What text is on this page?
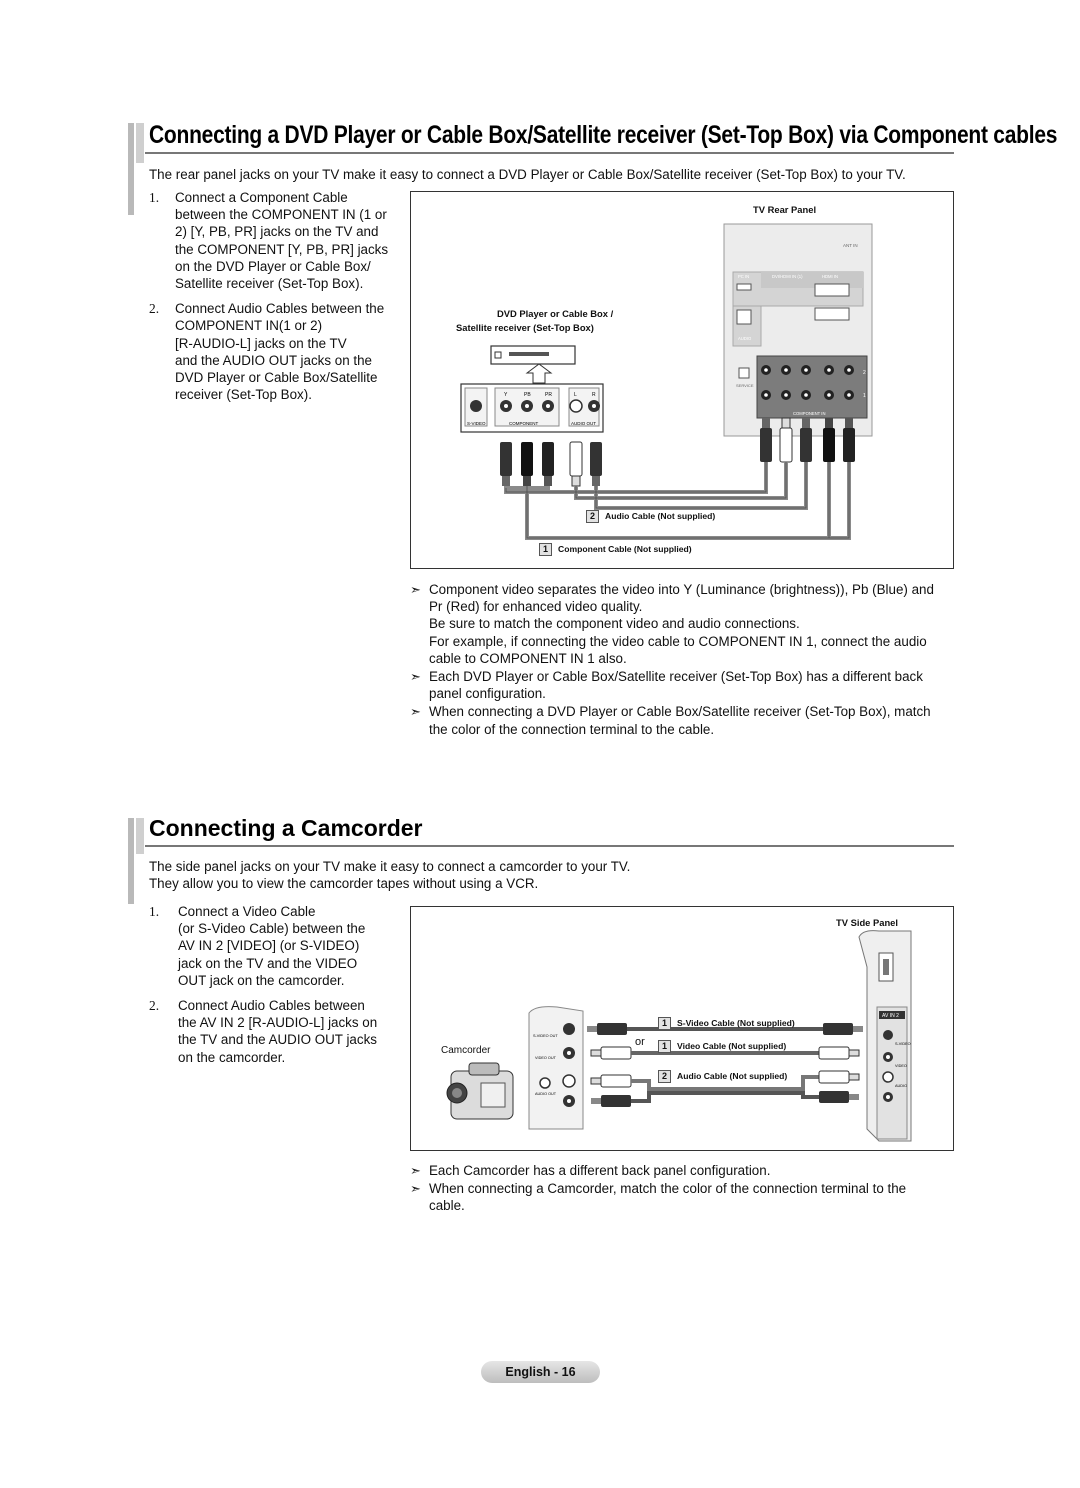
Connecting a DVD Player or Cable Box/Satellite receiver (Set-Top Box) via Component cables
The rear panel jacks on your TV make it easy to connect a DVD Player or Cable Box/Satellite receiver (Set-Top Box) to your TV.
1. Connect a Component Cable
between the COMPONENT IN (1 or
2) [Y, PB, PR] jacks on the TV and
the COMPONENT [Y, PB, PR] jacks
on the DVD Player or Cable Box/
Satellite receiver (Set-Top Box).
2. Connect Audio Cables between the
COMPONENT IN(1 or 2)
[R-AUDIO-L] jacks on the TV
and the AUDIO OUT jacks on the
DVD Player or Cable Box/Satellite
receiver (Set-Top Box).
TV Rear Panel
DVD Player or Cable Box /
Satellite receiver (Set-Top Box)
Y	PB	PR	L	R
S-VIDEO	COMPONENT	AUDIO OUT
ANT IN
PC IN	DVI/HDMI IN (1)	HDMI IN
AUDIO
COMPONENT IN
1
2
SERVICE
2 Audio Cable (Not supplied)
1 Component Cable (Not supplied)
➣ Component video separates the video into Y (Luminance (brightness)), Pb (Blue) and
Pr (Red) for enhanced video quality.
Be sure to match the component video and audio connections.
For example, if connecting the video cable to COMPONENT IN 1, connect the audio
cable to COMPONENT IN 1 also.
➣ Each DVD Player or Cable Box/Satellite receiver (Set-Top Box) has a different back
panel configuration.
➣ When connecting a DVD Player or Cable Box/Satellite receiver (Set-Top Box), match
the color of the connection terminal to the cable.
Connecting a Camcorder
The side panel jacks on your TV make it easy to connect a camcorder to your TV.
They allow you to view the camcorder tapes without using a VCR.
1. Connect a Video Cable
(or S-Video Cable) between the
AV IN 2 [VIDEO] (or S-VIDEO)
jack on the TV and the VIDEO
OUT jack on the camcorder.
2. Connect Audio Cables between
the AV IN 2 [R-AUDIO-L] jacks on
the TV and the AUDIO OUT jacks
on the camcorder.
TV Side Panel
Camcorder
AV IN 2
S-VIDEO
VIDEO
AUDIO
S-VIDEO OUT
VIDEO OUT
AUDIO OUT
1 S-Video Cable (Not supplied)
or	1 Video Cable (Not supplied)
2 Audio Cable (Not supplied)
➣ Each Camcorder has a different back panel configuration.
➣ When connecting a Camcorder, match the color of the connection terminal to the
cable.
English - 16
